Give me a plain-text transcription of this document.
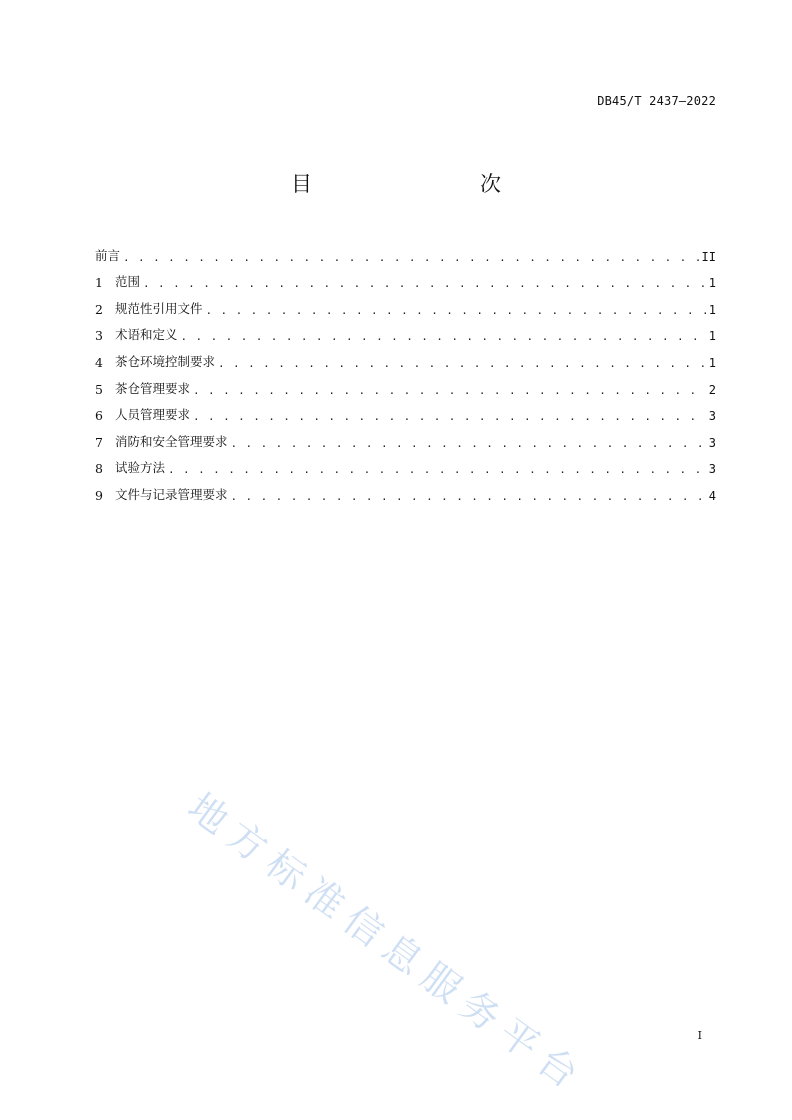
DB45/T 2437—2022
目　　次
前言 . . .	II
1 范围 . . .	1
2 规范性引用文件 . . .	1
3 术语和定义 . . .	1
4 茶仓环境控制要求 . . .	1
5 茶仓管理要求 . . .	2
6 人员管理要求 . . .	3
7 消防和安全管理要求 . . .	3
8 试验方法 . . .	3
9 文件与记录管理要求 . . .	4
地方标准信息服务平台	I
